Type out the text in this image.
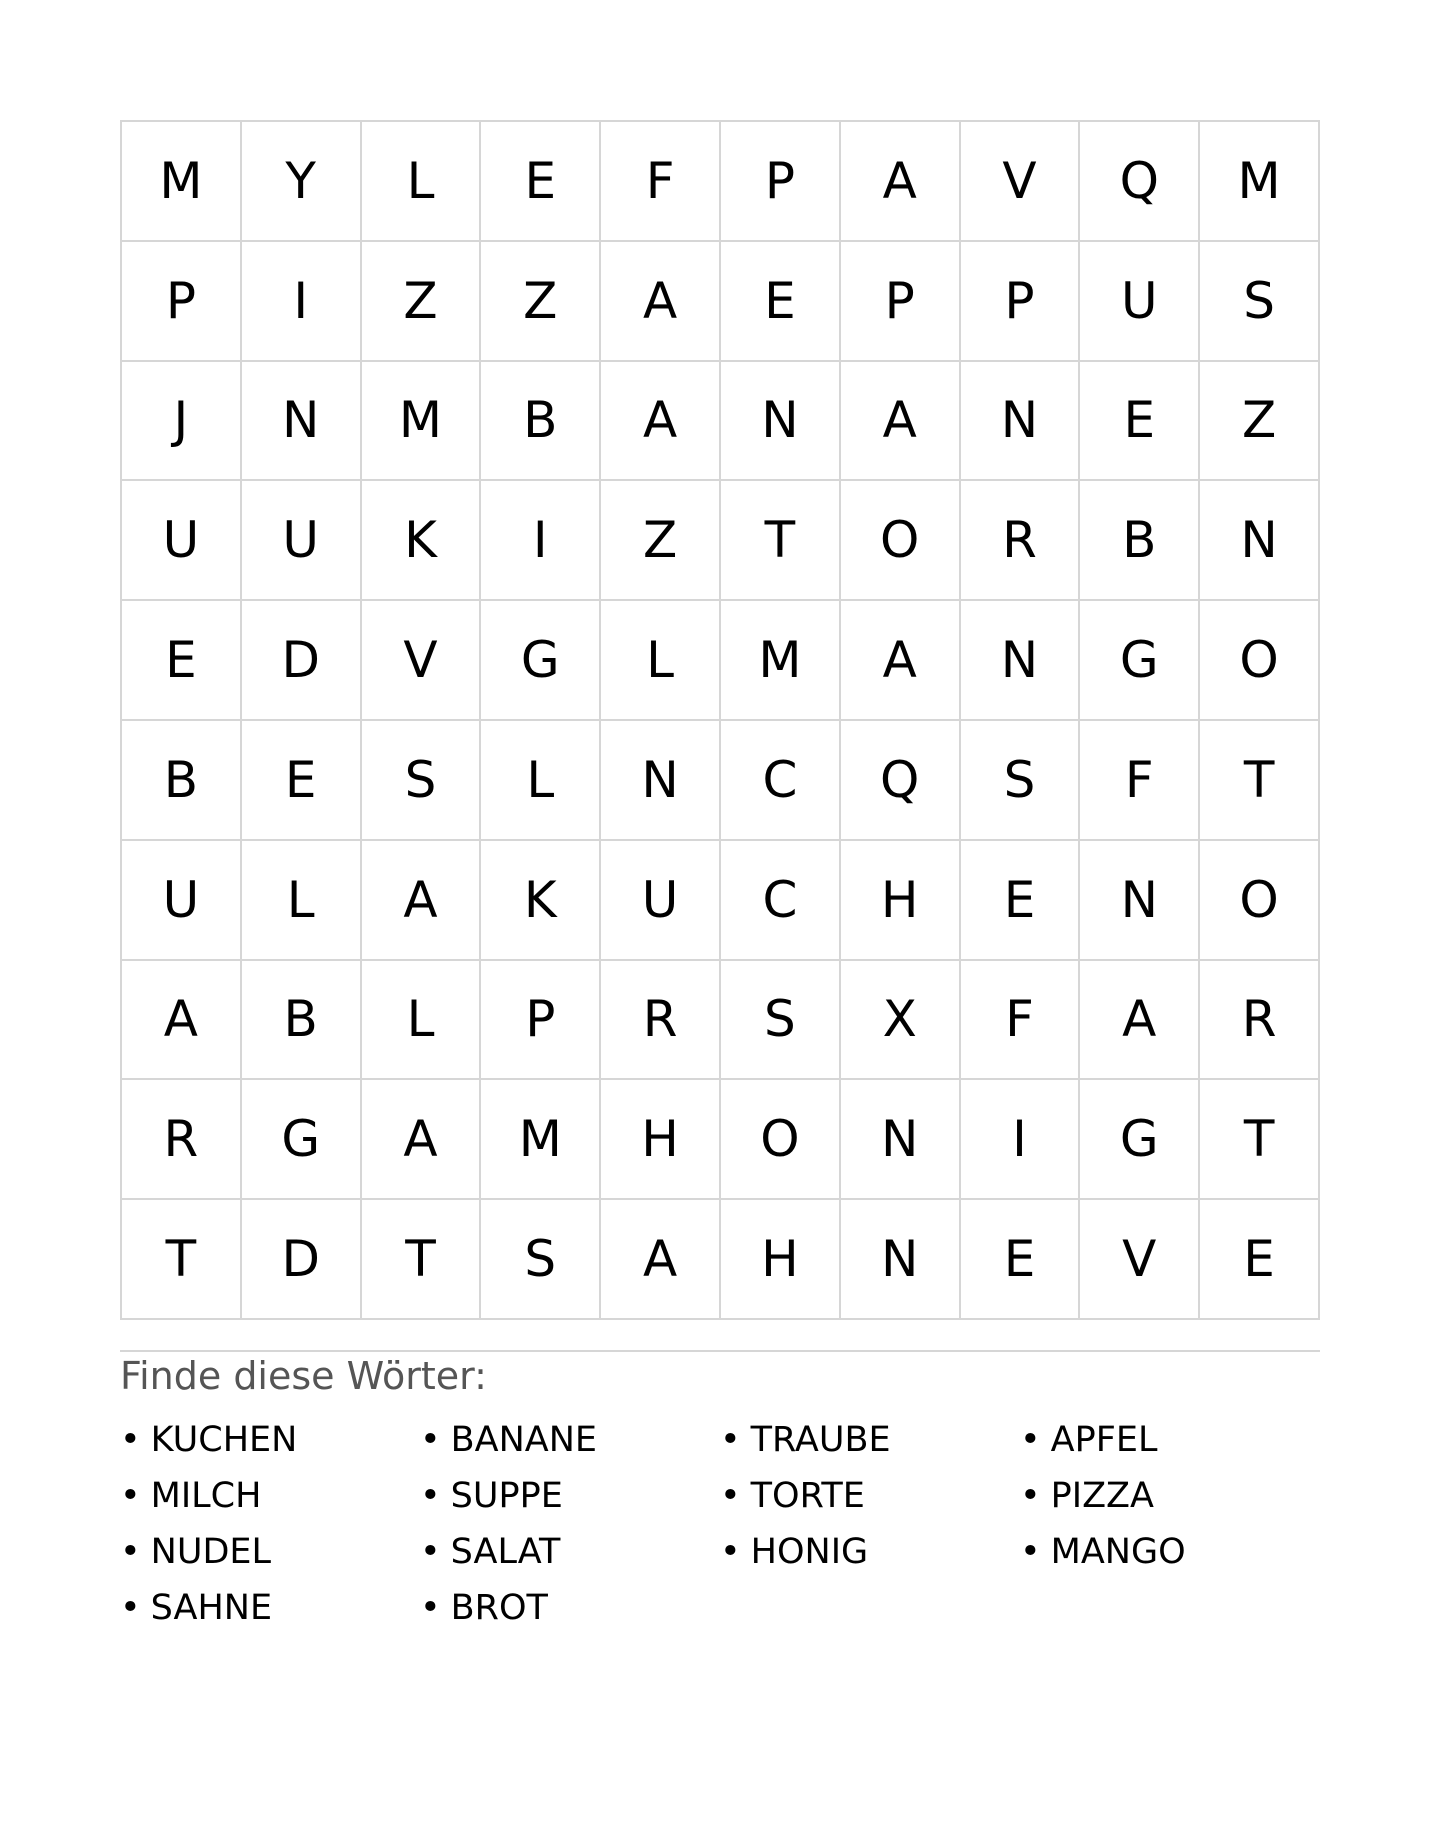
M	Y	L	E	F	P	A	V	Q	M
P	I	Z	Z	A	E	P	P	U	S
J	N	M	B	A	N	A	N	E	Z
U	U	K	I	Z	T	O	R	B	N
E	D	V	G	L	M	A	N	G	O
B	E	S	L	N	C	Q	S	F	T
U	L	A	K	U	C	H	E	N	O
A	B	L	P	R	S	X	F	A	R
R	G	A	M	H	O	N	I	G	T
T	D	T	S	A	H	N	E	V	E
Finde diese Wörter:
• KUCHEN	• BANANE	• TRAUBE	• APFEL
• MILCH	• SUPPE	• TORTE	• PIZZA
• NUDEL	• SALAT	• HONIG	• MANGO
• SAHNE	• BROT
